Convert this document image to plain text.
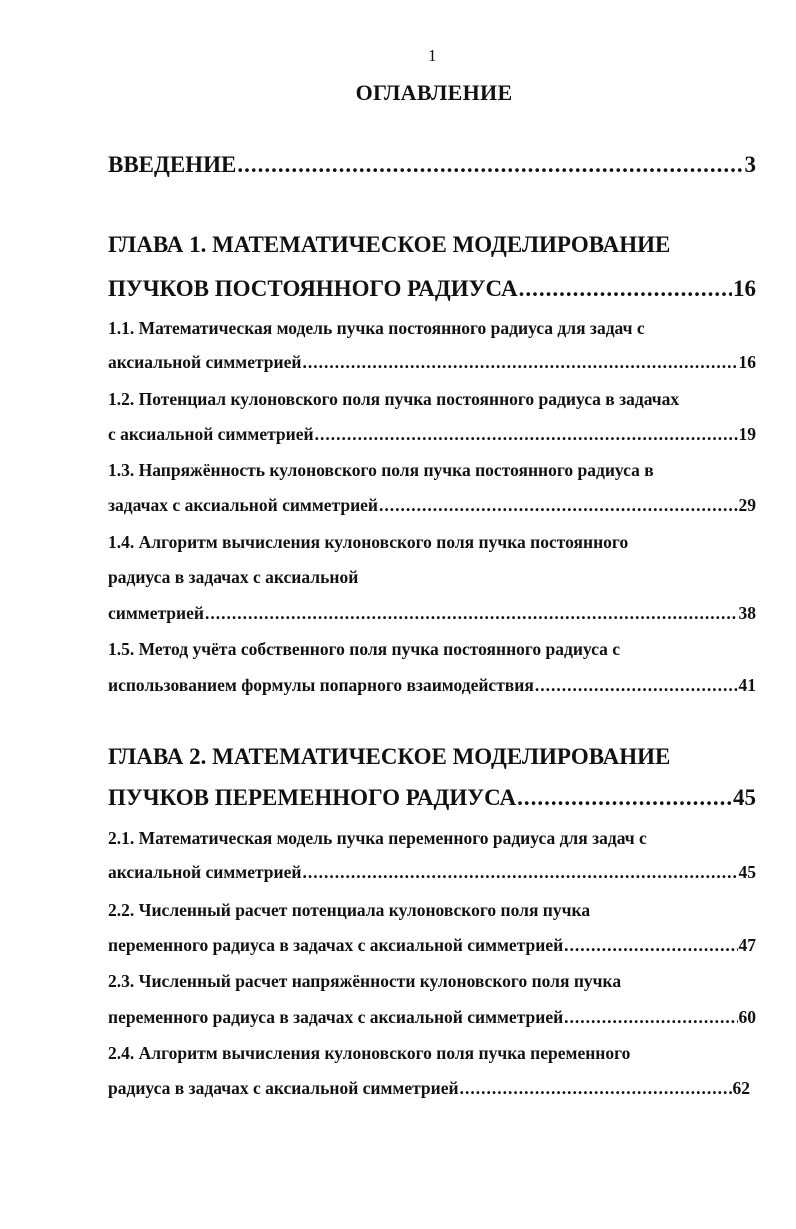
1
ОГЛАВЛЕНИЕ
ВВЕДЕНИЕ .....	3
ГЛАВА 1. МАТЕМАТИЧЕСКОЕ МОДЕЛИРОВАНИЕ
ПУЧКОВ ПОСТОЯННОГО РАДИУСА .....	16
1.1. Математическая модель пучка постоянного радиуса для задач с
аксиальной симметрией .....	16
1.2. Потенциал кулоновского поля пучка постоянного радиуса в задачах
с аксиальной симметрией .....	19
1.3. Напряжённость кулоновского поля пучка постоянного радиуса в
задачах с аксиальной симметрией .....	29
1.4. Алгоритм вычисления кулоновского поля пучка постоянного
радиуса в задачах с аксиальной
симметрией .....	38
1.5. Метод учёта собственного поля пучка постоянного радиуса с
использованием формулы попарного взаимодействия .....	41
ГЛАВА 2. МАТЕМАТИЧЕСКОЕ МОДЕЛИРОВАНИЕ
ПУЧКОВ ПЕРЕМЕННОГО РАДИУСА .....	45
2.1. Математическая модель пучка переменного радиуса для задач с
аксиальной симметрией .....	45
2.2. Численный расчет потенциала кулоновского поля пучка
переменного радиуса в задачах с аксиальной симметрией .....	47
2.3. Численный расчет напряжённости кулоновского поля пучка
переменного радиуса в задачах с аксиальной симметрией .....	60
2.4. Алгоритм вычисления кулоновского поля пучка переменного
радиуса в задачах с аксиальной симметрией .....	62
